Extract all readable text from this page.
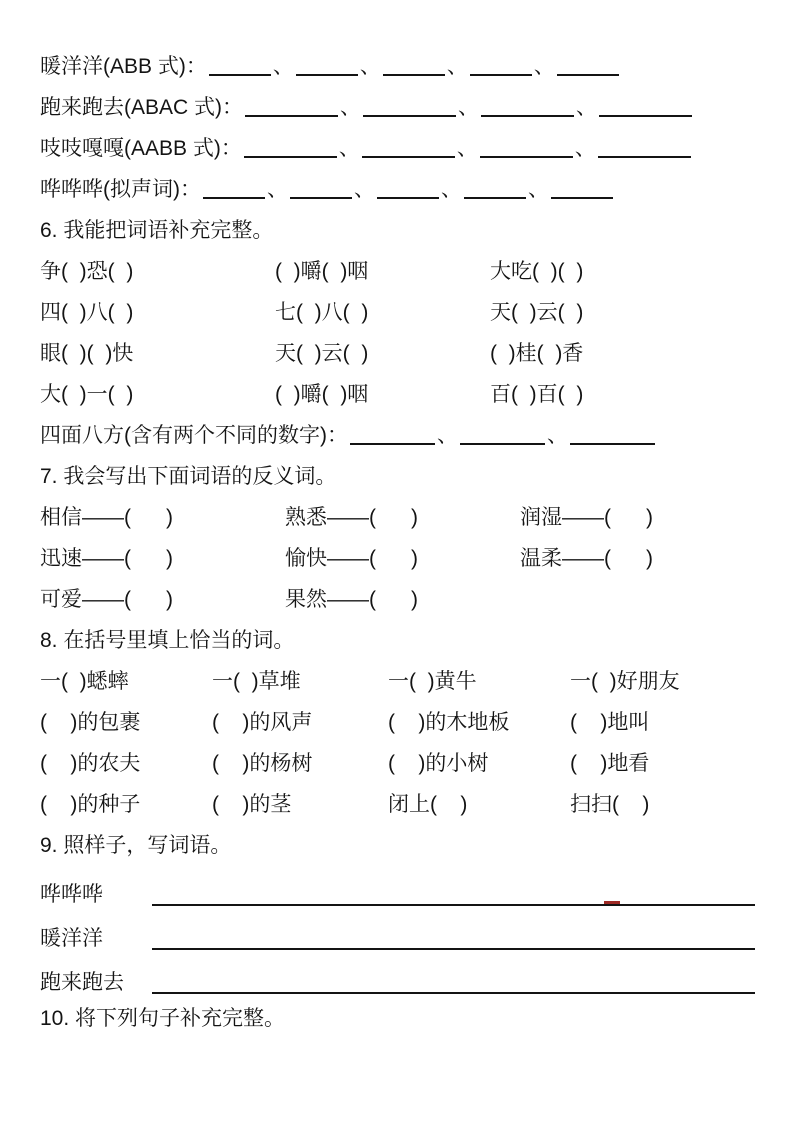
暖洋洋(ABB 式)：	、	、	、	、
跑来跑去(ABAC 式)：	、	、	、
吱吱嘎嘎(AABB 式)：	、	、	、
哗哗哗(拟声词)：	、	、	、	、
6. 我能把词语补充完整。
争(  )恐(  )	(  )嚼(  )咽	大吃(  )(  )
四(  )八(  )	七(  )八(  )	天(  )云(  )
眼(  )(  )快	天(  )云(  )	(  )桂(  )香
大(  )一(  )	(  )嚼(  )咽	百(  )百(  )
四面八方(含有两个不同的数字)：	、	、
7. 我会写出下面词语的反义词。
相信——(      )	熟悉——(      )	润湿——(      )
迅速——(      )	愉快——(      )	温柔——(      )
可爱——(      )	果然——(      )
8. 在括号里填上恰当的词。
一(  )蟋蟀	一(  )草堆	一(  )黄牛	一(  )好朋友
(    )的包裹	(    )的风声	(    )的木地板	(    )地叫
(    )的农夫	(    )的杨树	(    )的小树	(    )地看
(    )的种子	(    )的茎	闭上(    )	扫扫(    )
9. 照样子，写词语。
哗哗哗
暖洋洋
跑来跑去
10. 将下列句子补充完整。
